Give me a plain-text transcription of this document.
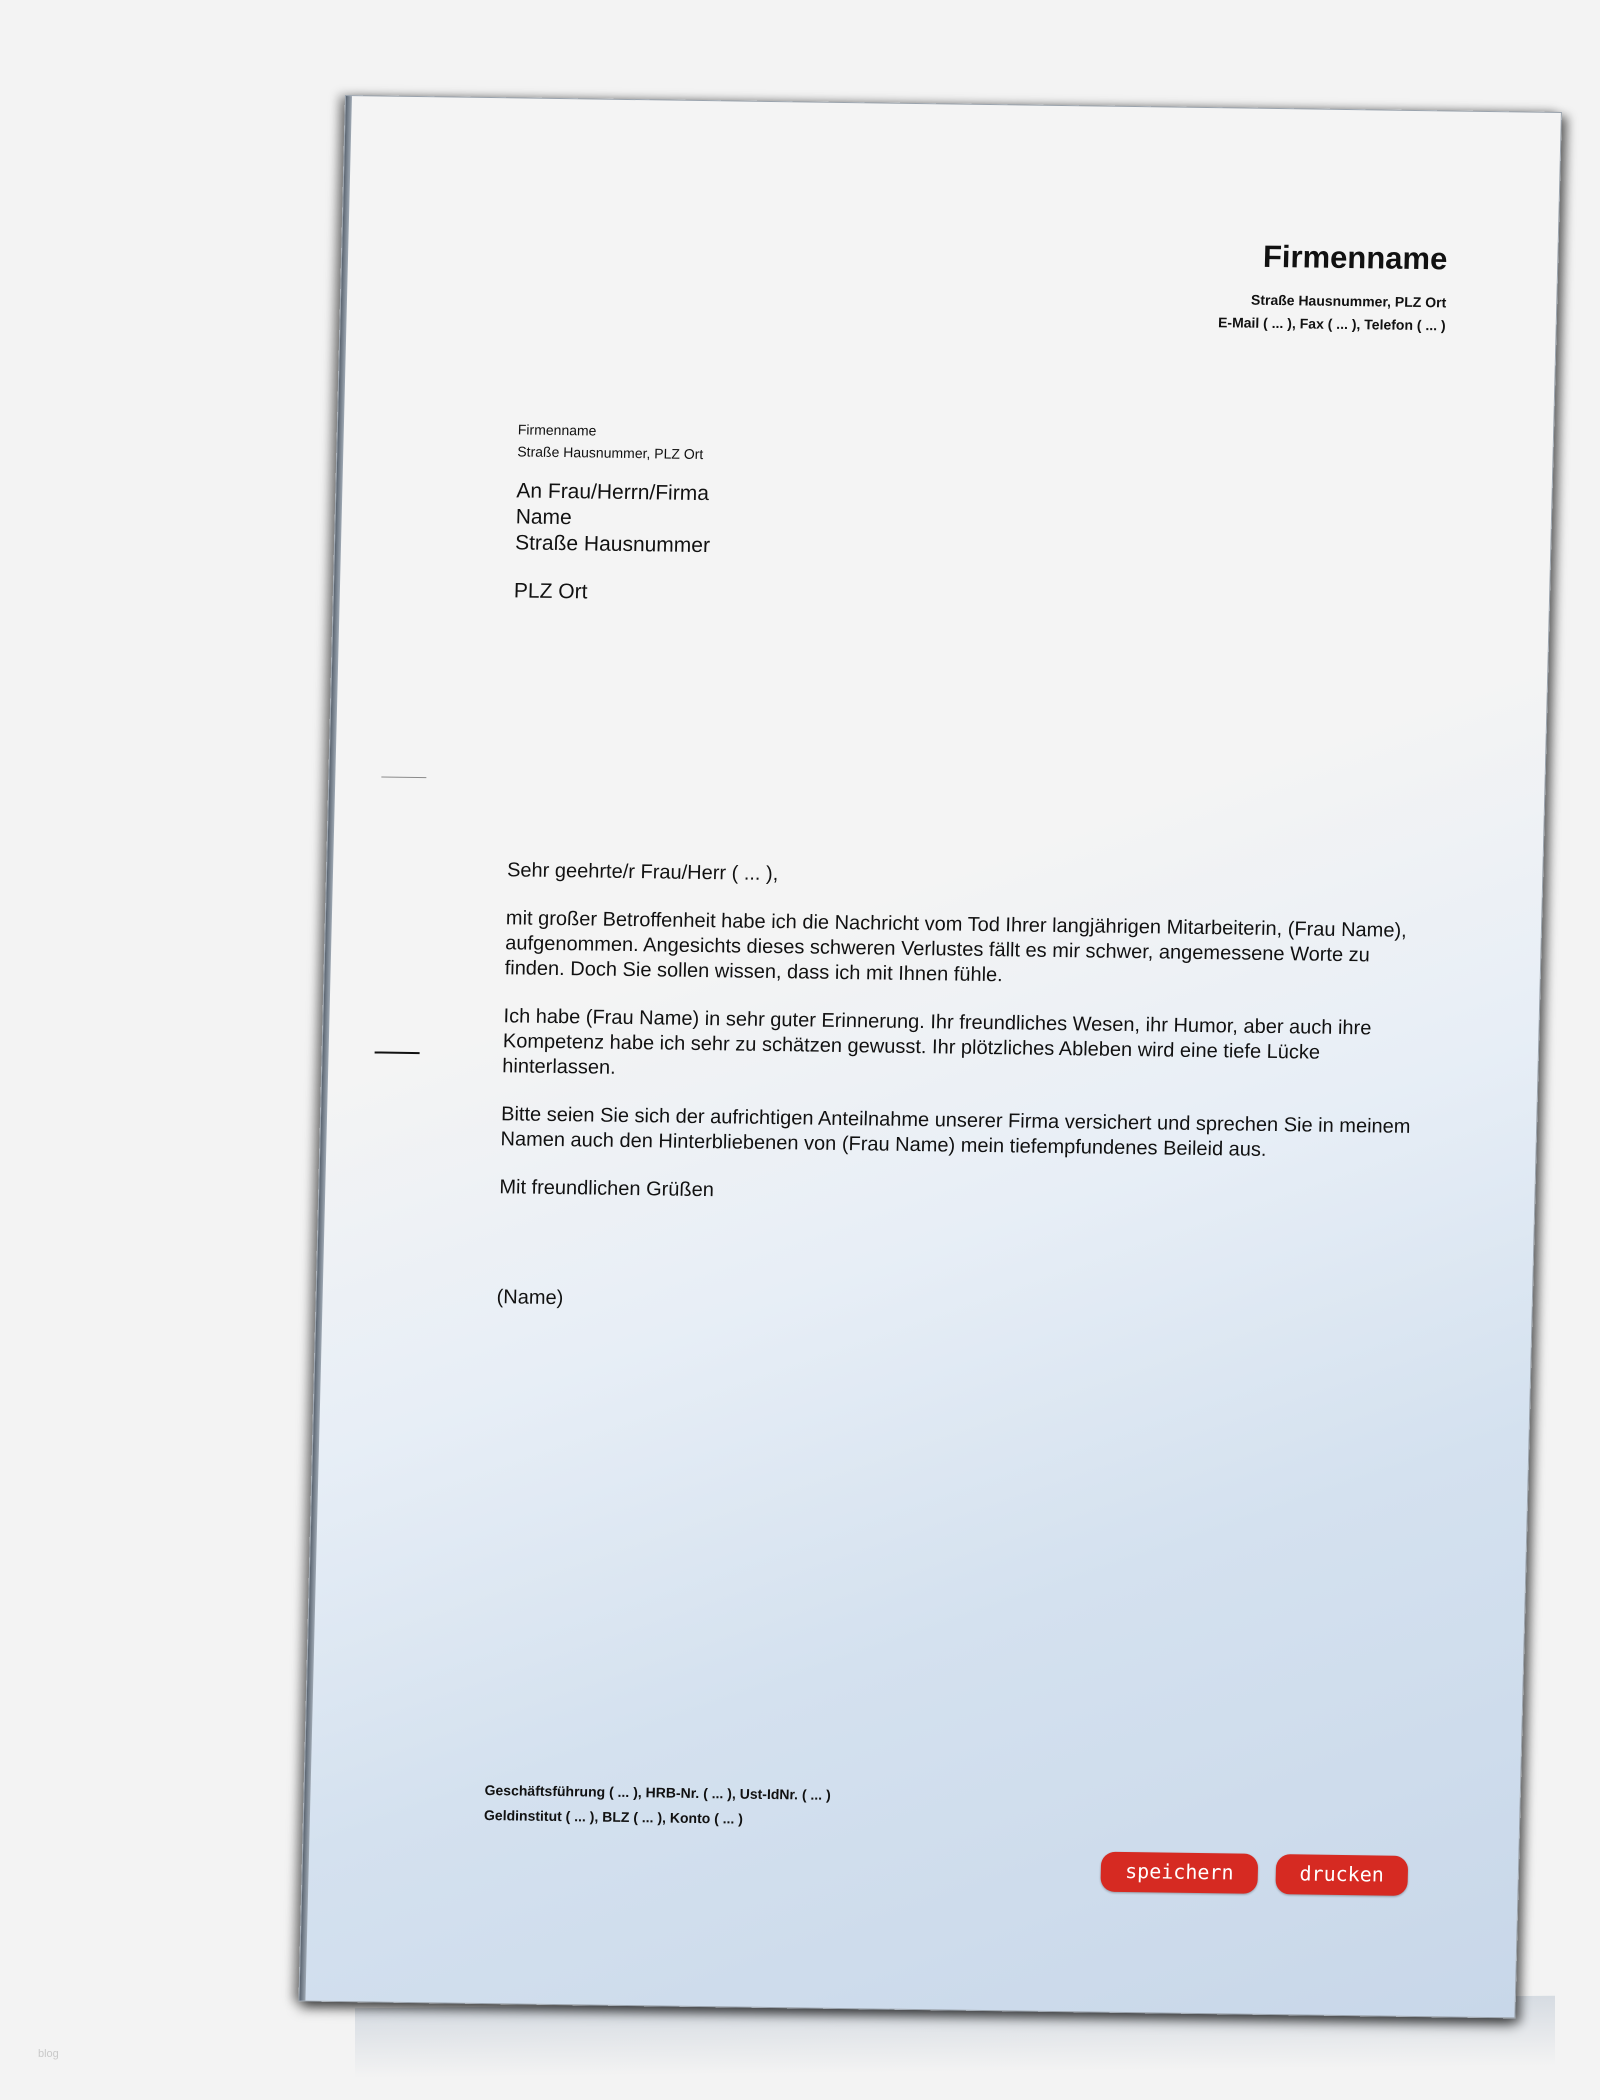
Firmenname
Straße Hausnummer, PLZ Ort
E-Mail ( ... ), Fax ( ... ), Telefon ( ... )
Firmenname
Straße Hausnummer, PLZ Ort
An Frau/Herrn/Firma
Name
Straße Hausnummer
PLZ Ort

Sehr geehrte/r Frau/Herr ( ... ),

mit großer Betroffenheit habe ich die Nachricht vom Tod Ihrer langjährigen Mitarbeiterin, (Frau Name), aufgenommen. Angesichts dieses schweren Verlustes fällt es mir schwer, angemessene Worte zu finden. Doch Sie sollen wissen, dass ich mit Ihnen fühle.

Ich habe (Frau Name) in sehr guter Erinnerung. Ihr freundliches Wesen, ihr Humor, aber auch ihre Kompetenz habe ich sehr zu schätzen gewusst. Ihr plötzliches Ableben wird eine tiefe Lücke hinterlassen.

Bitte seien Sie sich der aufrichtigen Anteilnahme unserer Firma versichert und sprechen Sie in meinem Namen auch den Hinterbliebenen von (Frau Name) mein tiefempfundenes Beileid aus.

Mit freundlichen Grüßen

(Name)

Geschäftsführung ( ... ), HRB-Nr. ( ... ), Ust-IdNr. ( ... )
Geldinstitut ( ... ), BLZ ( ... ), Konto ( ... )
speichern	drucken
blog
